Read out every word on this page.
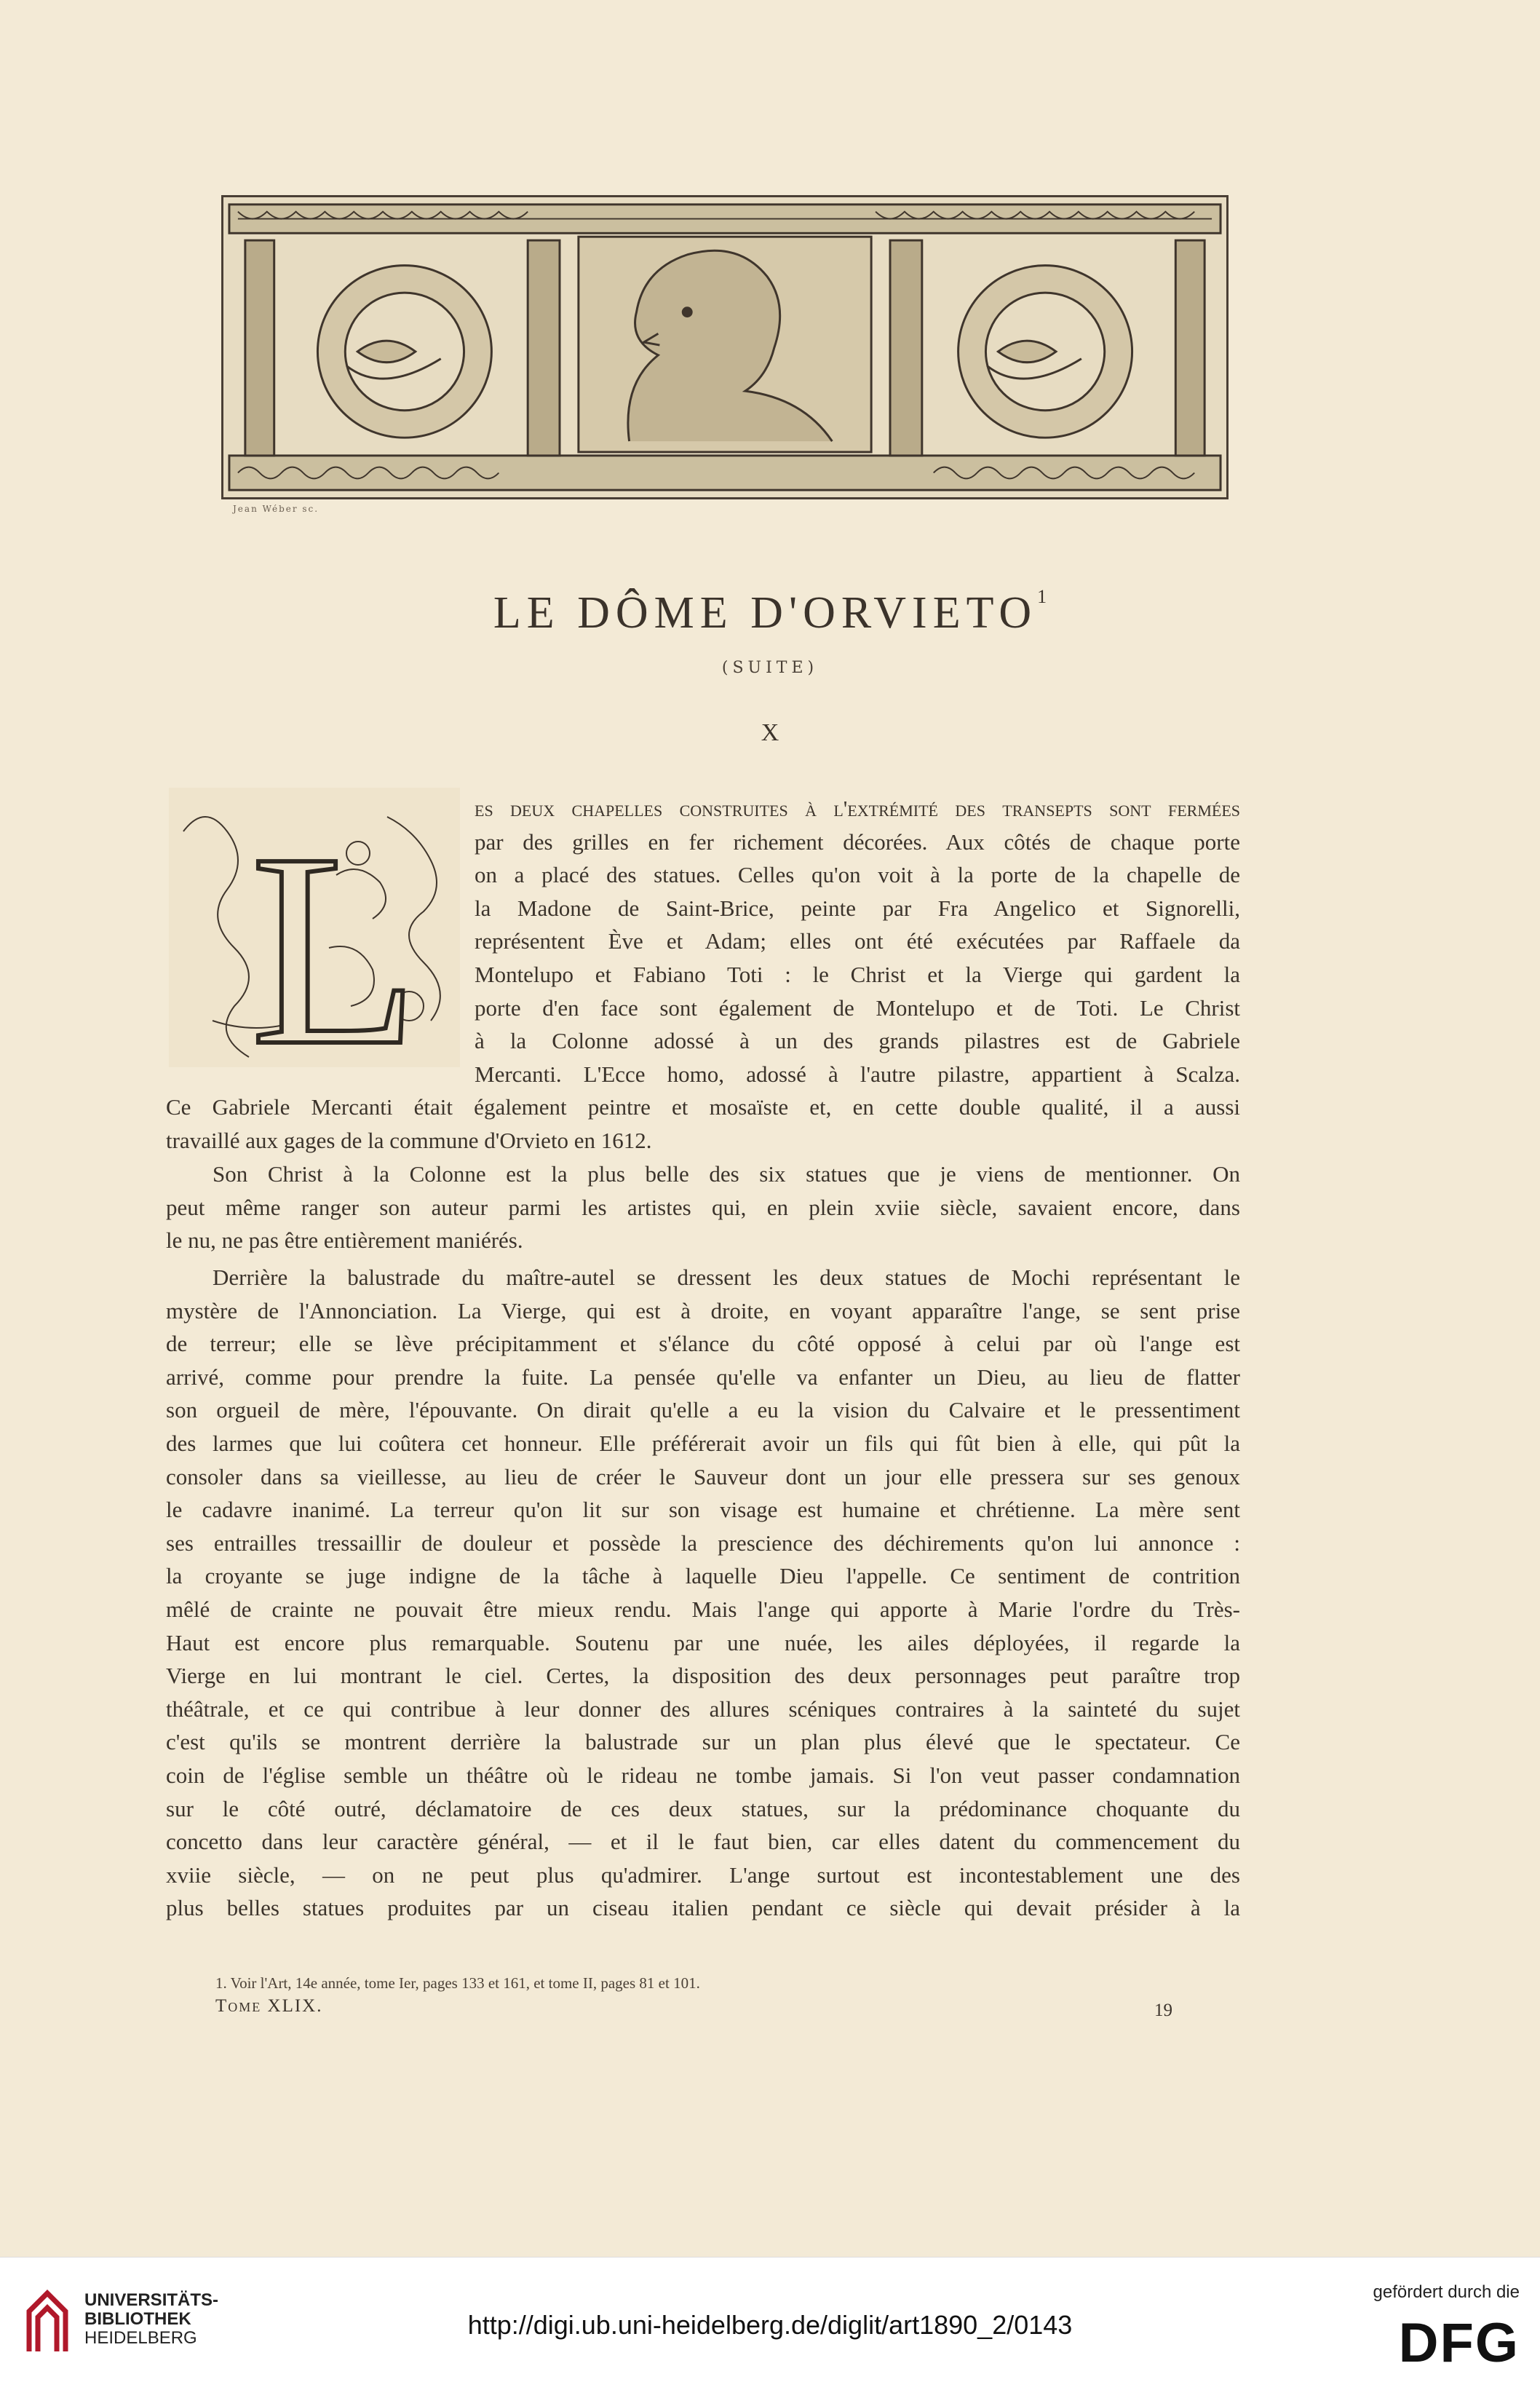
Jean Wéber sc.
LE DÔME D'ORVIETO$^1$
(SUITE)
X
L	es deux chapelles construites à l'extrémité des transepts sont fermées
par des grilles en fer richement décorées. Aux côtés de chaque porte
on a placé des statues. Celles qu'on voit à la porte de la chapelle de
la Madone de Saint-Brice, peinte par Fra Angelico et Signorelli,
représentent Ève et Adam; elles ont été exécutées par Raffaele da
Montelupo et Fabiano Toti : le Christ et la Vierge qui gardent la
porte d'en face sont également de Montelupo et de Toti. Le Christ
à la Colonne adossé à un des grands pilastres est de Gabriele
Mercanti. L'Ecce homo, adossé à l'autre pilastre, appartient à Scalza.
Ce Gabriele Mercanti était également peintre et mosaïste et, en cette double qualité, il a aussi
travaillé aux gages de la commune d'Orvieto en 1612.
Son Christ à la Colonne est la plus belle des six statues que je viens de mentionner. On
peut même ranger son auteur parmi les artistes qui, en plein xviie siècle, savaient encore, dans
le nu, ne pas être entièrement maniérés.
Derrière la balustrade du maître-autel se dressent les deux statues de Mochi représentant le
mystère de l'Annonciation. La Vierge, qui est à droite, en voyant apparaître l'ange, se sent prise
de terreur; elle se lève précipitamment et s'élance du côté opposé à celui par où l'ange est
arrivé, comme pour prendre la fuite. La pensée qu'elle va enfanter un Dieu, au lieu de flatter
son orgueil de mère, l'épouvante. On dirait qu'elle a eu la vision du Calvaire et le pressentiment
des larmes que lui coûtera cet honneur. Elle préférerait avoir un fils qui fût bien à elle, qui pût la
consoler dans sa vieillesse, au lieu de créer le Sauveur dont un jour elle pressera sur ses genoux
le cadavre inanimé. La terreur qu'on lit sur son visage est humaine et chrétienne. La mère sent
ses entrailles tressaillir de douleur et possède la prescience des déchirements qu'on lui annonce :
la croyante se juge indigne de la tâche à laquelle Dieu l'appelle. Ce sentiment de contrition
mêlé de crainte ne pouvait être mieux rendu. Mais l'ange qui apporte à Marie l'ordre du Très-
Haut est encore plus remarquable. Soutenu par une nuée, les ailes déployées, il regarde la
Vierge en lui montrant le ciel. Certes, la disposition des deux personnages peut paraître trop
théâtrale, et ce qui contribue à leur donner des allures scéniques contraires à la sainteté du sujet
c'est qu'ils se montrent derrière la balustrade sur un plan plus élevé que le spectateur. Ce
coin de l'église semble un théâtre où le rideau ne tombe jamais. Si l'on veut passer condamnation
sur le côté outré, déclamatoire de ces deux statues, sur la prédominance choquante du
concetto dans leur caractère général, — et il le faut bien, car elles datent du commencement du
xviie siècle, — on ne peut plus qu'admirer. L'ange surtout est incontestablement une des
plus belles statues produites par un ciseau italien pendant ce siècle qui devait présider à la
1. Voir l'Art, 14e année, tome Ier, pages 133 et 161, et tome II, pages 81 et 101.
Tome XLIX.	19
UNIVERSITÄTS-
BIBLIOTHEK
HEIDELBERG	http://digi.ub.uni-heidelberg.de/diglit/art1890_2/0143
gefördert durch die
DFG
